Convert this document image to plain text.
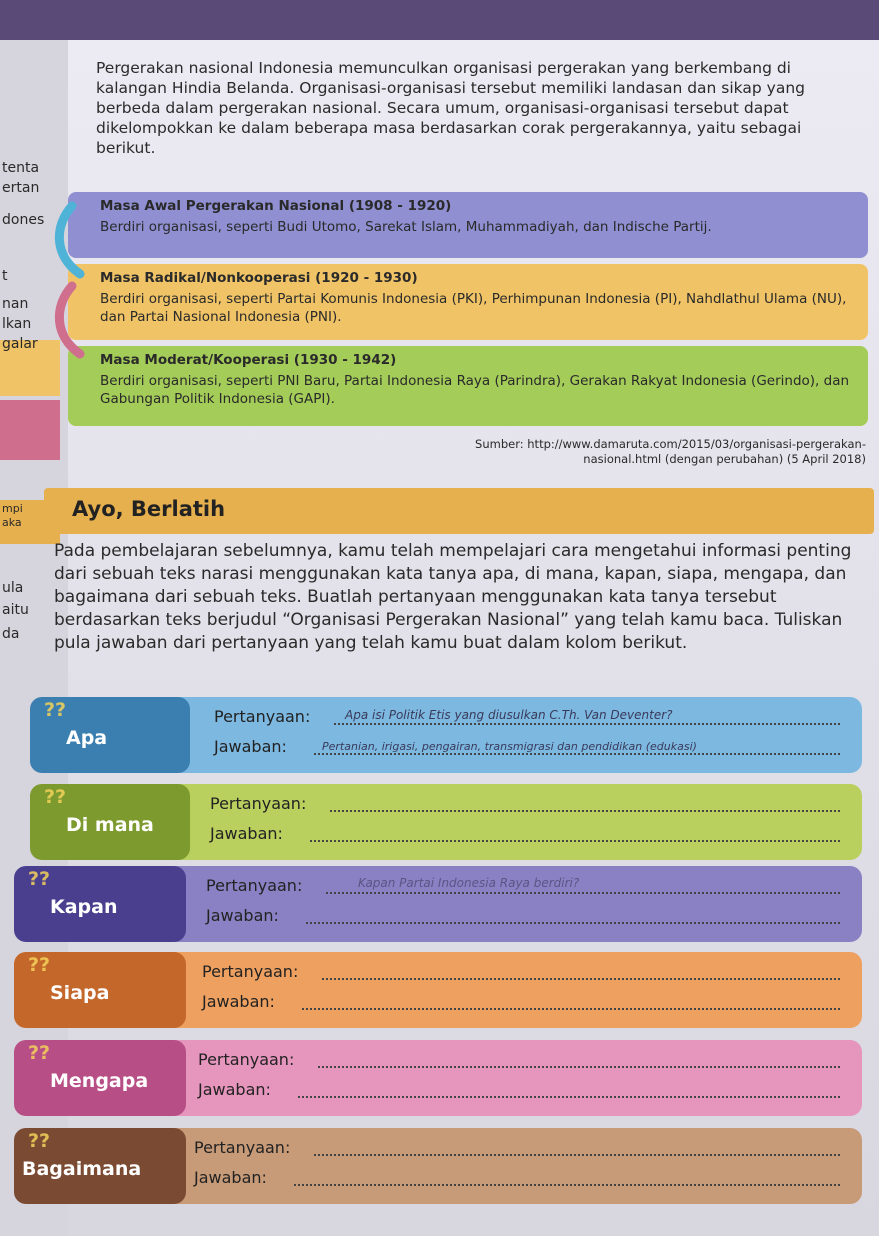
tenta
ertan
dones
t
nan
lkan
galar
mpi
aka
ula
aitu
da

Pergerakan nasional Indonesia memunculkan organisasi pergerakan yang berkembang di kalangan Hindia Belanda. Organisasi-organisasi tersebut memiliki landasan dan sikap yang berbeda dalam pergerakan nasional. Secara umum, organisasi-organisasi tersebut dapat dikelompokkan ke dalam beberapa masa berdasarkan corak pergerakannya, yaitu sebagai berikut.

Masa Awal Pergerakan Nasional (1908 - 1920)
Berdiri organisasi, seperti Budi Utomo, Sarekat Islam, Muhammadiyah, dan Indische Partij.
Masa Radikal/Nonkooperasi (1920 - 1930)
Berdiri organisasi, seperti Partai Komunis Indonesia (PKI), Perhimpunan Indonesia (PI), Nahdlathul Ulama (NU), dan Partai Nasional Indonesia (PNI).
Masa Moderat/Kooperasi (1930 - 1942)
Berdiri organisasi, seperti PNI Baru, Partai Indonesia Raya (Parindra), Gerakan Rakyat Indonesia (Gerindo), dan Gabungan Politik Indonesia (GAPI).
Sumber: http://www.damaruta.com/2015/03/organisasi-pergerakan-nasional.html (dengan perubahan) (5 April 2018)
Ayo, Berlatih

Pada pembelajaran sebelumnya, kamu telah mempelajari cara mengetahui informasi penting dari sebuah teks narasi menggunakan kata tanya apa, di mana, kapan, siapa, mengapa, dan bagaimana dari sebuah teks. Buatlah pertanyaan menggunakan kata tanya tersebut berdasarkan teks berjudul “Organisasi Pergerakan Nasional” yang telah kamu baca. Tuliskan pula jawaban dari pertanyaan yang telah kamu buat dalam kolom berikut.

??
Apa
Pertanyaan:
Jawaban:
??
Di mana
Pertanyaan:
Jawaban:
??
Kapan
Pertanyaan:
Jawaban:
??
Siapa
Pertanyaan:
Jawaban:
??
Mengapa
Pertanyaan:
Jawaban:
??
Bagaimana
Pertanyaan:
Jawaban:
Apa isi Politik Etis yang diusulkan C.Th. Van Deventer?
Pertanian, irigasi, pengairan, transmigrasi dan pendidikan (edukasi)
Kapan Partai Indonesia Raya berdiri?
